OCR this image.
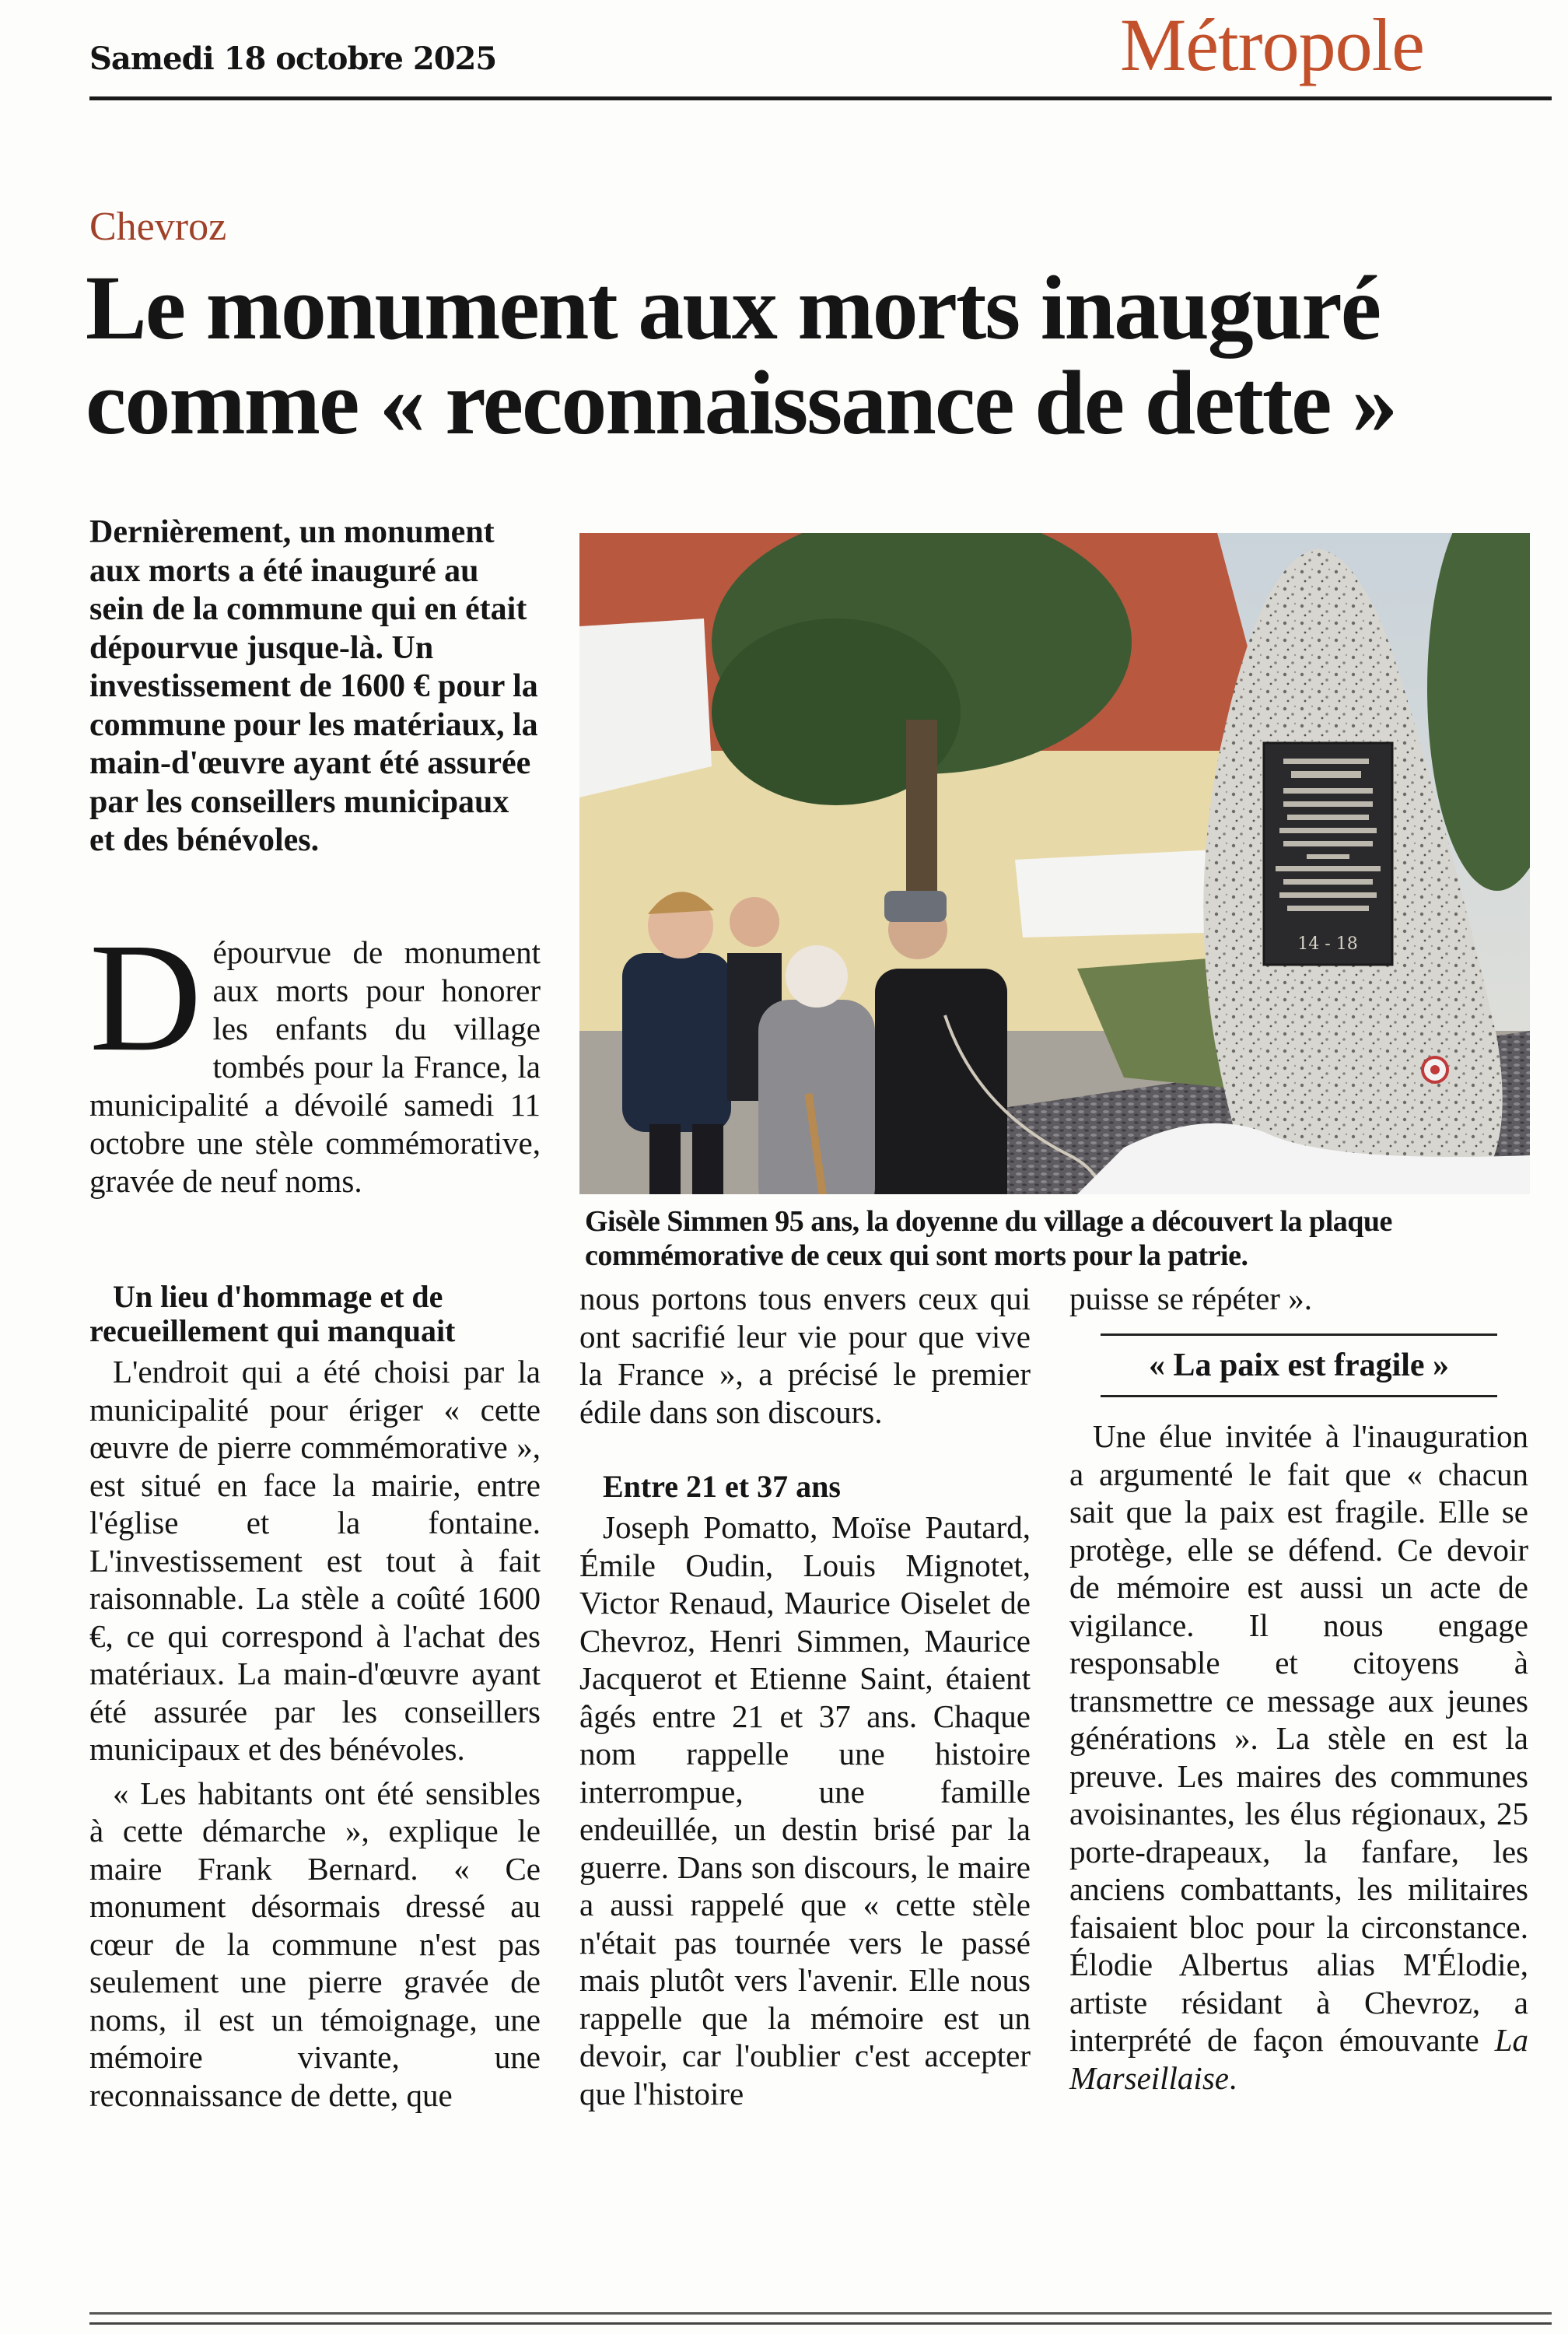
Samedi 18 octobre 2025	Métropole
Chevroz
Le monument aux morts inauguré
comme « reconnaissance de dette »
Dernièrement, un monument aux morts a été inauguré au sein de la commune qui en était dépourvue jusque-là. Un investissement de 1600 € pour la commune pour les matériaux, la main-d'œuvre ayant été assurée par les conseillers municipaux et des bénévoles.
Dépourvue de monument aux morts pour honorer les enfants du village tombés pour la France, la municipalité a dévoilé samedi 11 octobre une stèle commémorative, gravée de neuf noms.
14 - 18
Gisèle Simmen 95 ans, la doyenne du village a découvert la plaque commémorative de ceux qui sont morts pour la patrie.
Un lieu d'hommage et de recueillement qui manquait

L'endroit qui a été choisi par la municipalité pour ériger « cette œuvre de pierre commémorative », est situé en face la mairie, entre l'église et la fontaine. L'investissement est tout à fait raisonnable. La stèle a coûté 1600 €, ce qui correspond à l'achat des matériaux. La main-d'œuvre ayant été assurée par les conseillers municipaux et des bénévoles.

« Les habitants ont été sensibles à cette démarche », explique le maire Frank Bernard. « Ce monument désormais dressé au cœur de la commune n'est pas seulement une pierre gravée de noms, il est un témoignage, une mémoire vivante, une reconnaissance de dette, que

nous portons tous envers ceux qui ont sacrifié leur vie pour que vive la France », a précisé le premier édile dans son discours.

Entre 21 et 37 ans

Joseph Pomatto, Moïse Pautard, Émile Oudin, Louis Mignotet, Victor Renaud, Maurice Oiselet de Chevroz, Henri Simmen, Maurice Jacquerot et Etienne Saint, étaient âgés entre 21 et 37 ans. Chaque nom rappelle une histoire interrompue, une famille endeuillée, un destin brisé par la guerre. Dans son discours, le maire a aussi rappelé que « cette stèle n'était pas tournée vers le passé mais plutôt vers l'avenir. Elle nous rappelle que la mémoire est un devoir, car l'oublier c'est accepter que l'histoire

puisse se répéter ».

« La paix est fragile »

Une élue invitée à l'inauguration a argumenté le fait que « chacun sait que la paix est fragile. Elle se protège, elle se défend. Ce devoir de mémoire est aussi un acte de vigilance. Il nous engage responsable et citoyens à transmettre ce message aux jeunes générations ». La stèle en est la preuve. Les maires des communes avoisinantes, les élus régionaux, 25 porte-drapeaux, la fanfare, les anciens combattants, les militaires faisaient bloc pour la circonstance. Élodie Albertus alias M'Élodie, artiste résidant à Chevroz, a interprété de façon émouvante La Marseillaise.
